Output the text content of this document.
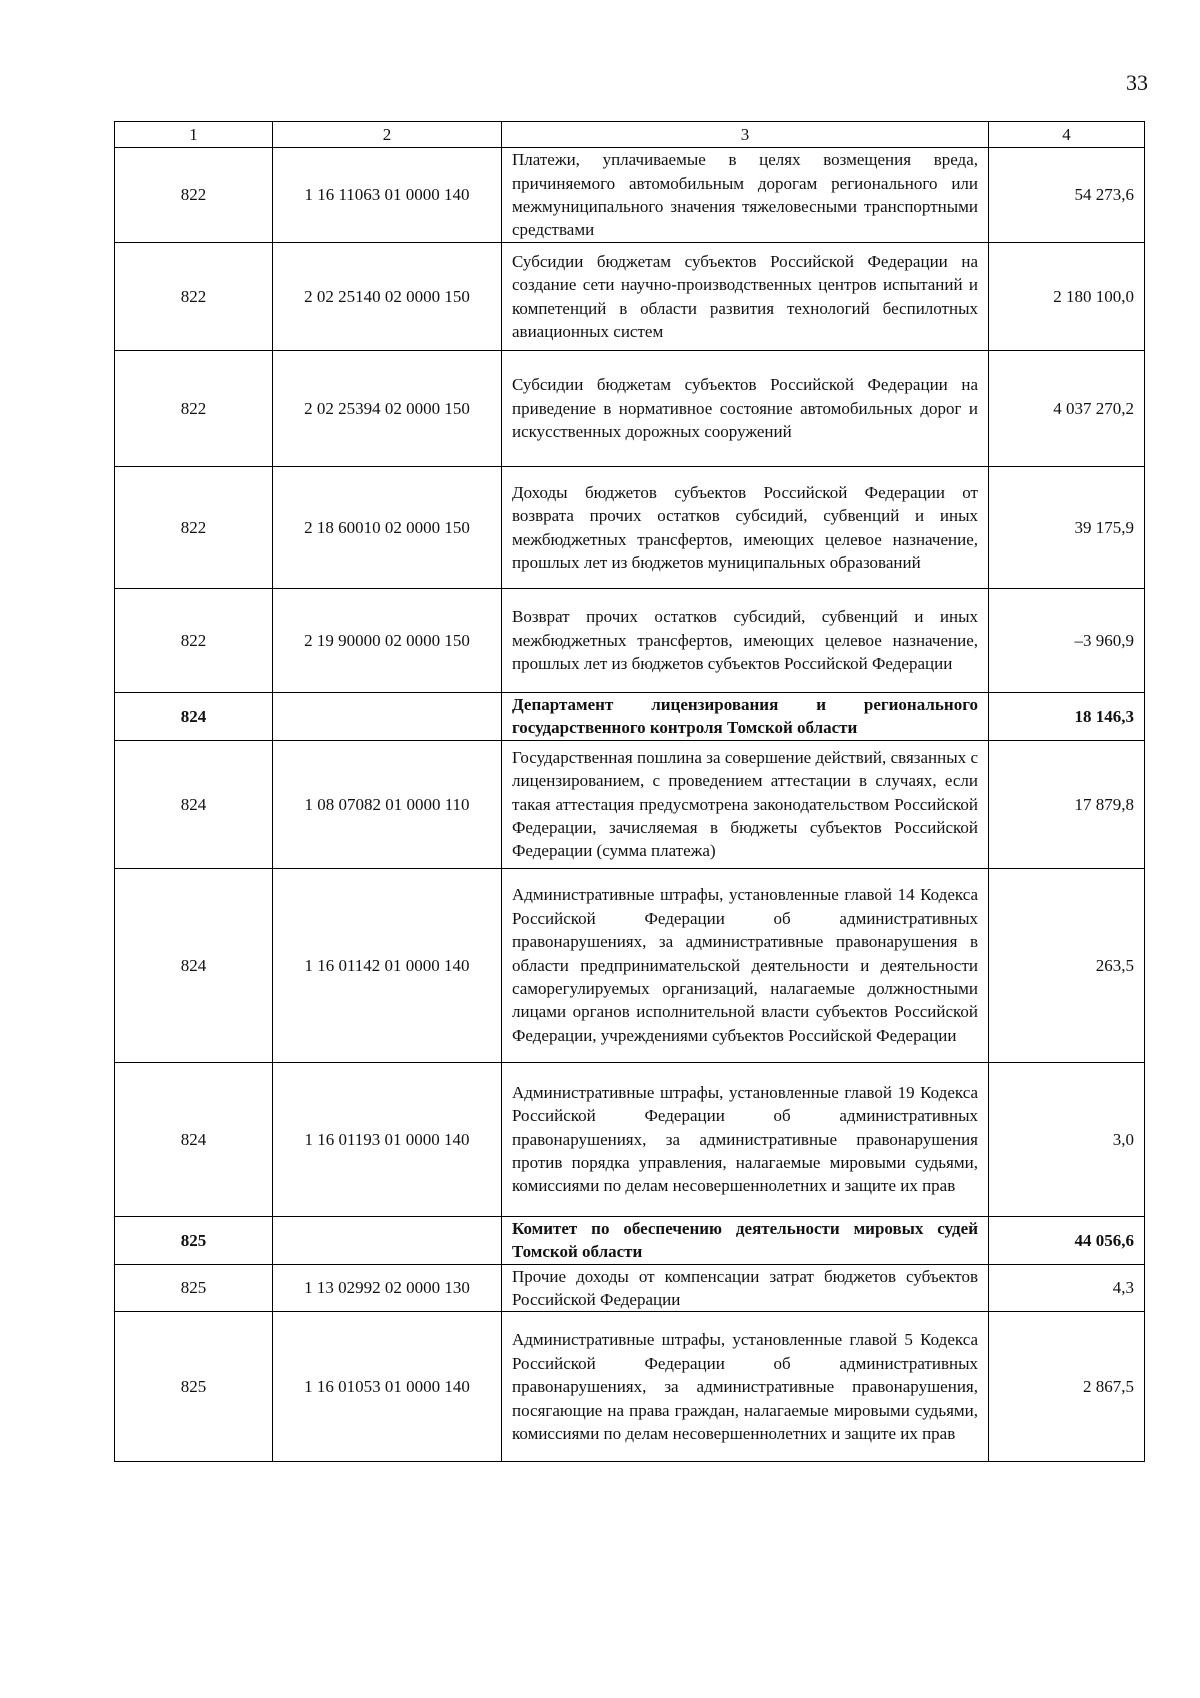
33
1	2	3	4
822	1 16 11063 01 0000 140	Платежи, уплачиваемые в целях возмещения вреда, причиняемого автомобильным дорогам регионального или межмуниципального значения тяжеловесными транспортными средствами	54 273,6
822	2 02 25140 02 0000 150	Субсидии бюджетам субъектов Российской Федерации на создание сети научно-производственных центров испытаний и компетенций в области развития технологий беспилотных авиационных систем	2 180 100,0
822	2 02 25394 02 0000 150	Субсидии бюджетам субъектов Российской Федерации на приведение в нормативное состояние автомобильных дорог и искусственных дорожных сооружений	4 037 270,2
822	2 18 60010 02 0000 150	Доходы бюджетов субъектов Российской Федерации от возврата прочих остатков субсидий, субвенций и иных межбюджетных трансфертов, имеющих целевое назначение, прошлых лет из бюджетов муниципальных образований	39 175,9
822	2 19 90000 02 0000 150	Возврат прочих остатков субсидий, субвенций и иных межбюджетных трансфертов, имеющих целевое назначение, прошлых лет из бюджетов субъектов Российской Федерации	–3 960,9
824		Департамент лицензирования и регионального государственного контроля Томской области	18 146,3
824	1 08 07082 01 0000 110	Государственная пошлина за совершение действий, связанных с лицензированием, с проведением аттестации в случаях, если такая аттестация предусмотрена законодательством Российской Федерации, зачисляемая в бюджеты субъектов Российской Федерации (сумма платежа)	17 879,8
824	1 16 01142 01 0000 140	Административные штрафы, установленные главой 14 Кодекса Российской Федерации об административных правонарушениях, за административные правонарушения в области предпринимательской деятельности и деятельности саморегулируемых организаций, налагаемые должностными лицами органов исполнительной власти субъектов Российской Федерации, учреждениями субъектов Российской Федерации	263,5
824	1 16 01193 01 0000 140	Административные штрафы, установленные главой 19 Кодекса Российской Федерации об административных правонарушениях, за административные правонарушения против порядка управления, налагаемые мировыми судьями, комиссиями по делам несовершеннолетних и защите их прав	3,0
825		Комитет по обеспечению деятельности мировых судей Томской области	44 056,6
825	1 13 02992 02 0000 130	Прочие доходы от компенсации затрат бюджетов субъектов Российской Федерации	4,3
825	1 16 01053 01 0000 140	Административные штрафы, установленные главой 5 Кодекса Российской Федерации об административных правонарушениях, за административные правонарушения, посягающие на права граждан, налагаемые мировыми судьями, комиссиями по делам несовершеннолетних и защите их прав	2 867,5
